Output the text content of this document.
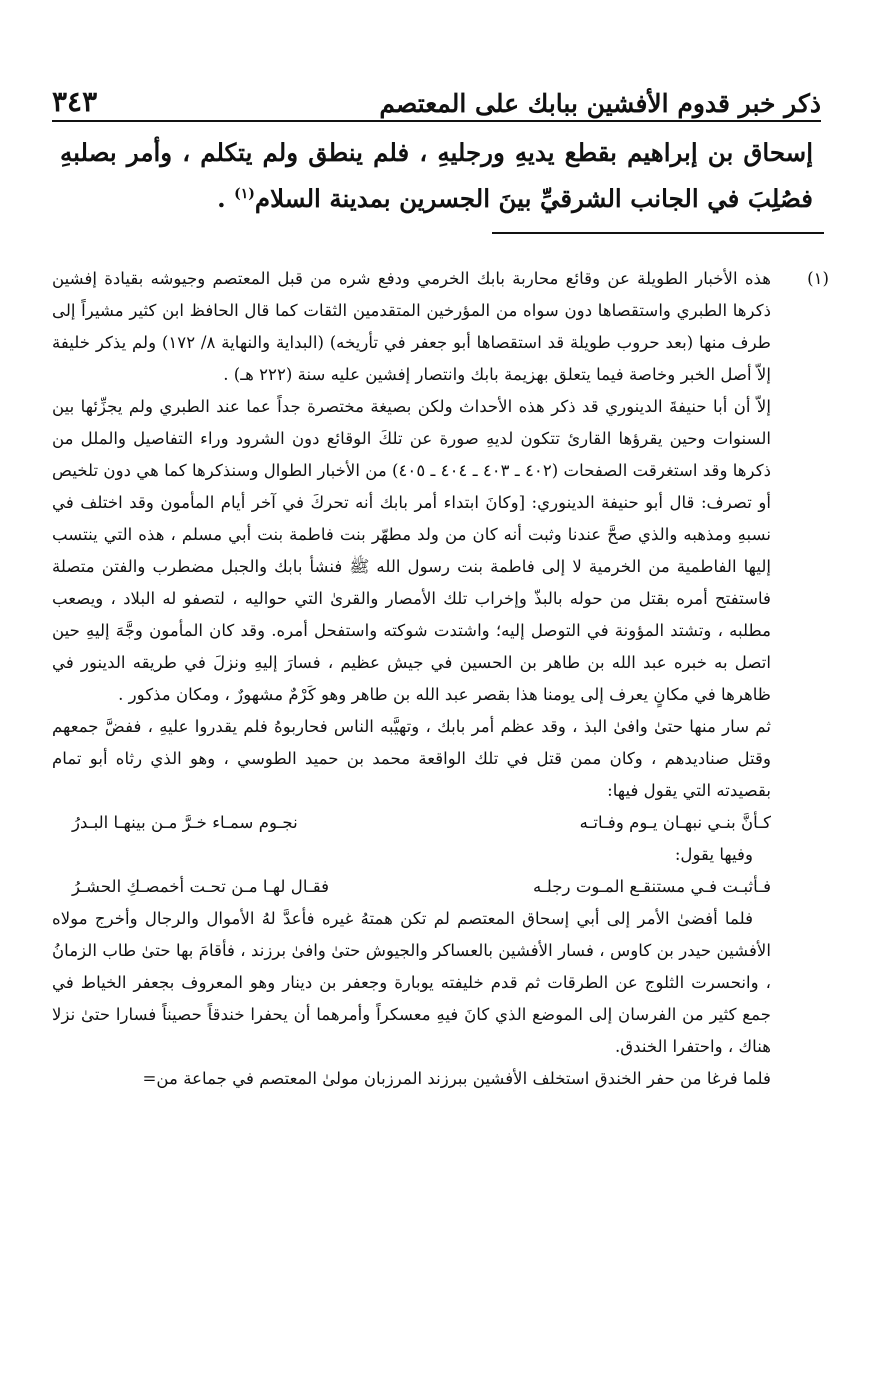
ذكر خبر قدوم الأفشين ببابك على المعتصم
٣٤٣

إسحاق بن إبراهيم بقطع يديهِ ورجليهِ ، فلم ينطق ولم يتكلم ، وأمر بصلبهِ فصُلِبَ في الجانب الشرقيِّ بينَ الجسرين بمدينة السلام$^{(١)}$ .

(١)

هذه الأخبار الطويلة عن وقائع محاربة بابك الخرمي ودفع شره من قبل المعتصم وجيوشه بقيادة إفشين ذكرها الطبري واستقصاها دون سواه من المؤرخين المتقدمين الثقات كما قال الحافظ ابن كثير مشيراً إلى طرف منها (بعد حروب طويلة قد استقصاها أبو جعفر في تأريخه) (البداية والنهاية ٨/ ١٧٢) ولم يذكر خليفة إلاّ أصل الخبر وخاصة فيما يتعلق بهزيمة بابك وانتصار إفشين عليه سنة (٢٢٢ هـ) .

إلاّ أن أبا حنيفةَ الدينوري قد ذكر هذه الأحداث ولكن بصيغة مختصرة جداً عما عند الطبري ولم يجزِّئها بين السنوات وحين يقرؤها القارئ تتكون لديهِ صورة عن تلكَ الوقائع دون الشرود وراء التفاصيل والملل من ذكرها وقد استغرقت الصفحات (٤٠٢ ـ ٤٠٣ ـ ٤٠٤ ـ ٤٠٥) من الأخبار الطوال وسنذكرها كما هي دون تلخيص أو تصرف: قال أبو حنيفة الدينوري: [وكانَ ابتداء أمر بابك أنه تحركَ في آخر أيام المأمون وقد اختلف في نسبهِ ومذهبه والذي صحَّ عندنا وثبت أنه كان من ولد مطهّر بنت فاطمة بنت أبي مسلم ، هذه التي ينتسب إليها الفاطمية من الخرمية لا إلى فاطمة بنت رسول الله ﷺ فنشأ بابك والجبل مضطرب والفتن متصلة فاستفتح أمره بقتل من حوله بالبذّ وإخراب تلك الأمصار والقرىٰ التي حواليه ، لتصفو له البلاد ، ويصعب مطلبه ، وتشتد المؤونة في التوصل إليه؛ واشتدت شوكته واستفحل أمره. وقد كان المأمون وجَّهَ إليهِ حين اتصل به خبره عبد الله بن طاهر بن الحسين في جيش عظيم ، فسارَ إليهِ ونزلَ في طريقه الدينور في ظاهرها في مكانٍ يعرف إلى يومنا هذا بقصر عبد الله بن طاهر وهو كَرْمٌ مشهورٌ ، ومكان مذكور .

ثم سار منها حتىٰ وافىٰ البذ ، وقد عظم أمر بابك ، وتهيَّبه الناس فحاربوهُ فلم يقدروا عليهِ ، ففضَّ جمعهم وقتل صناديدهم ، وكان ممن قتل في تلك الواقعة محمد بن حميد الطوسي ، وهو الذي رثاه أبو تمام بقصيدته التي يقول فيها:

كـأنَّ بنـي نبهـان يـوم وفـاتـه
نجـوم سمـاء خـرَّ مـن بينهـا البـدرُ

وفيها يقول:

فـأثبـت فـي مستنقـع المـوت رجلـه
فقـال لهـا مـن تحـت أخمصـكِ الحشـرُ

فلما أفضىٰ الأمر إلى أبي إسحاق المعتصم لم تكن همتهُ غيره فأعدَّ لهُ الأموال والرجال وأخرج مولاه الأفشين حيدر بن كاوس ، فسار الأفشين بالعساكر والجيوش حتىٰ وافىٰ برزند ، فأقامَ بها حتىٰ طاب الزمانُ ، وانحسرت الثلوج عن الطرقات ثم قدم خليفته يوبارة وجعفر بن دينار وهو المعروف بجعفر الخياط في جمع كثير من الفرسان إلى الموضع الذي كانَ فيهِ معسكراً وأمرهما أن يحفرا خندقاً حصيناً فسارا حتىٰ نزلا هناك ، واحتفرا الخندق.

فلما فرغا من حفر الخندق استخلف الأفشين ببرزند المرزبان مولىٰ المعتصم في جماعة من=
